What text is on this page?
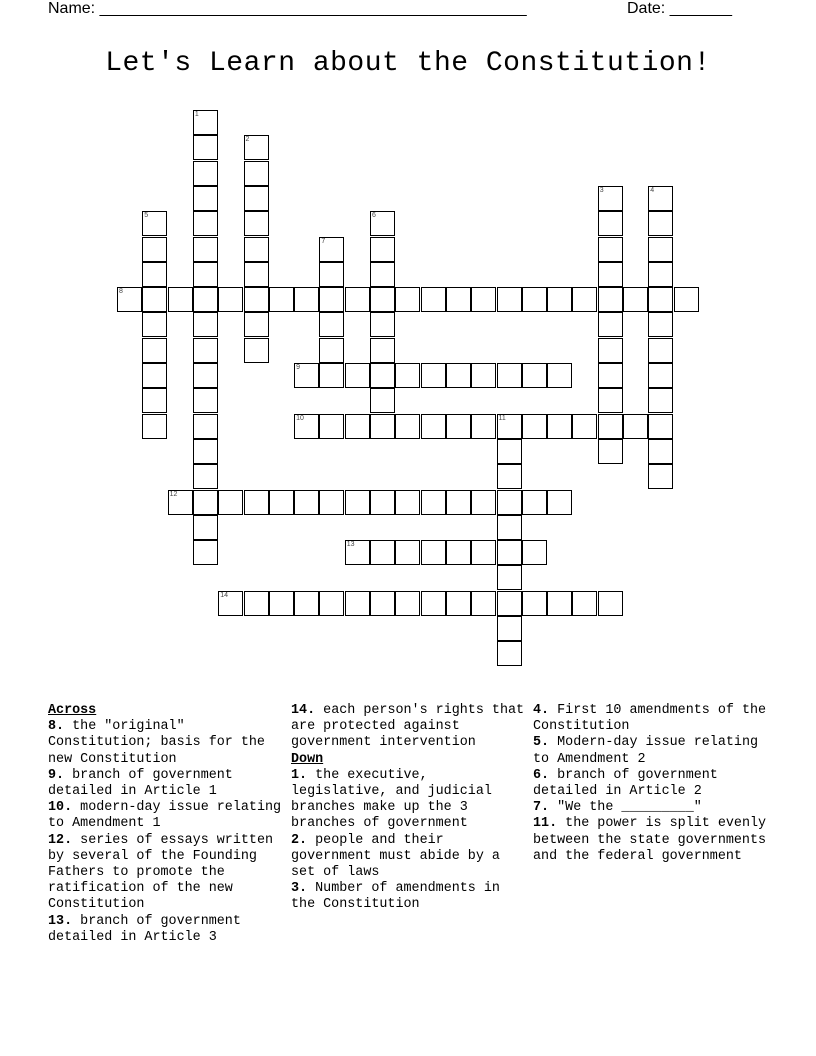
Name: ________________________________________________	Date: _______
Let's Learn about the Constitution!
1
2
3	4
5	6
7
8
9
10	11
12
13
14
Across

8. the "original" Constitution; basis for the new Constitution

9. branch of government detailed in Article 1

10. modern-day issue relating to Amendment 1

12. series of essays written by several of the Founding Fathers to promote the ratification of the new Constitution

13. branch of government detailed in Article 3

14. each person's rights that are protected against government intervention

Down

1. the executive, legislative, and judicial branches make up the 3 branches of government

2. people and their government must abide by a set of laws

3. Number of amendments in the Constitution

4. First 10 amendments of the Constitution

5. Modern-day issue relating to Amendment 2

6. branch of government detailed in Article 2

7. "We the _________"

11. the power is split evenly between the state governments and the federal government
